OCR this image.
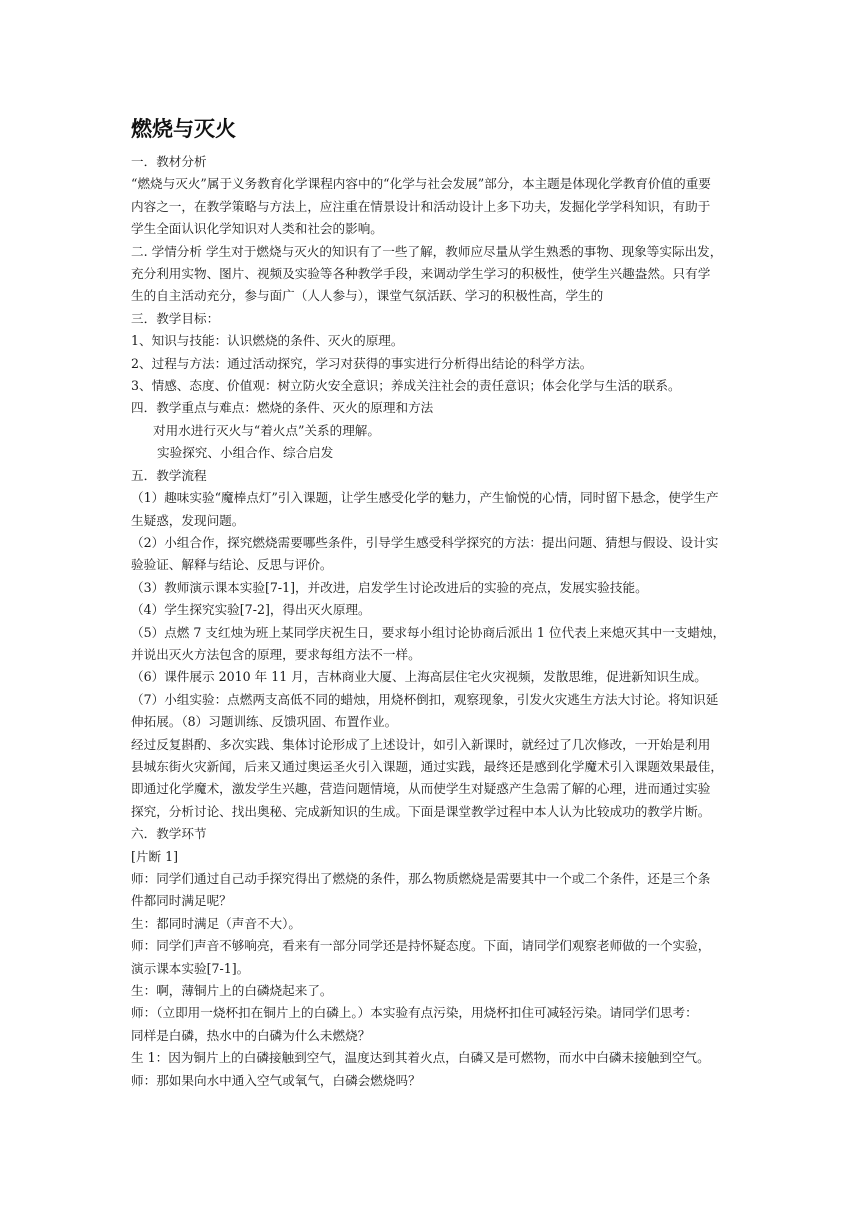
燃烧与灭火

一．教材分析

“燃烧与灭火”属于义务教育化学课程内容中的“化学与社会发展”部分，本主题是体现化学教育价值的重要

内容之一，在教学策略与方法上，应注重在情景设计和活动设计上多下功夫，发掘化学学科知识，有助于

学生全面认识化学知识对人类和社会的影响。

二. 学情分析 学生对于燃烧与灭火的知识有了一些了解，教师应尽量从学生熟悉的事物、现象等实际出发，

充分利用实物、图片、视频及实验等各种教学手段，来调动学生学习的积极性，使学生兴趣盎然。只有学

生的自主活动充分，参与面广（人人参与），课堂气氛活跃、学习的积极性高，学生的

三．教学目标：

1、知识与技能：认识燃烧的条件、灭火的原理。

2、过程与方法：通过活动探究，学习对获得的事实进行分析得出结论的科学方法。

3、情感、态度、价值观：树立防火安全意识；养成关注社会的责任意识；体会化学与生活的联系。

四．教学重点与难点：燃烧的条件、灭火的原理和方法

对用水进行灭火与“着火点”关系的理解。

实验探究、小组合作、综合启发

五．教学流程

（1）趣味实验“魔棒点灯”引入课题，让学生感受化学的魅力，产生愉悦的心情，同时留下悬念，使学生产

生疑惑，发现问题。

（2）小组合作，探究燃烧需要哪些条件，引导学生感受科学探究的方法：提出问题、猜想与假设、设计实

验验证、解释与结论、反思与评价。

（3）教师演示课本实验[7-1]，并改进，启发学生讨论改进后的实验的亮点，发展实验技能。

（4）学生探究实验[7-2]，得出灭火原理。

（5）点燃 7 支红烛为班上某同学庆祝生日，要求每小组讨论协商后派出 1 位代表上来熄灭其中一支蜡烛，

并说出灭火方法包含的原理，要求每组方法不一样。

（6）课件展示 2010 年 11 月，吉林商业大厦、上海高层住宅火灾视频，发散思维，促进新知识生成。

（7）小组实验：点燃两支高低不同的蜡烛，用烧杯倒扣，观察现象，引发火灾逃生方法大讨论。将知识延

伸拓展。（8）习题训练、反馈巩固、布置作业。

经过反复斟酌、多次实践、集体讨论形成了上述设计，如引入新课时，就经过了几次修改，一开始是利用

县城东街火灾新闻，后来又通过奥运圣火引入课题，通过实践，最终还是感到化学魔术引入课题效果最佳，

即通过化学魔术，激发学生兴趣，营造问题情境，从而使学生对疑惑产生急需了解的心理，进而通过实验

探究，分析讨论、找出奥秘、完成新知识的生成。下面是课堂教学过程中本人认为比较成功的教学片断。

六．教学环节

[片断 1]

师：同学们通过自己动手探究得出了燃烧的条件，那么物质燃烧是需要其中一个或二个条件，还是三个条

件都同时满足呢？

生：都同时满足（声音不大）。

师：同学们声音不够响亮，看来有一部分同学还是持怀疑态度。下面，请同学们观察老师做的一个实验，

演示课本实验[7-1]。

生：啊，薄铜片上的白磷烧起来了。

师：（立即用一烧杯扣在铜片上的白磷上。）本实验有点污染，用烧杯扣住可减轻污染。请同学们思考：

同样是白磷，热水中的白磷为什么未燃烧？

生 1：因为铜片上的白磷接触到空气，温度达到其着火点，白磷又是可燃物，而水中白磷未接触到空气。

师：那如果向水中通入空气或氧气，白磷会燃烧吗？
